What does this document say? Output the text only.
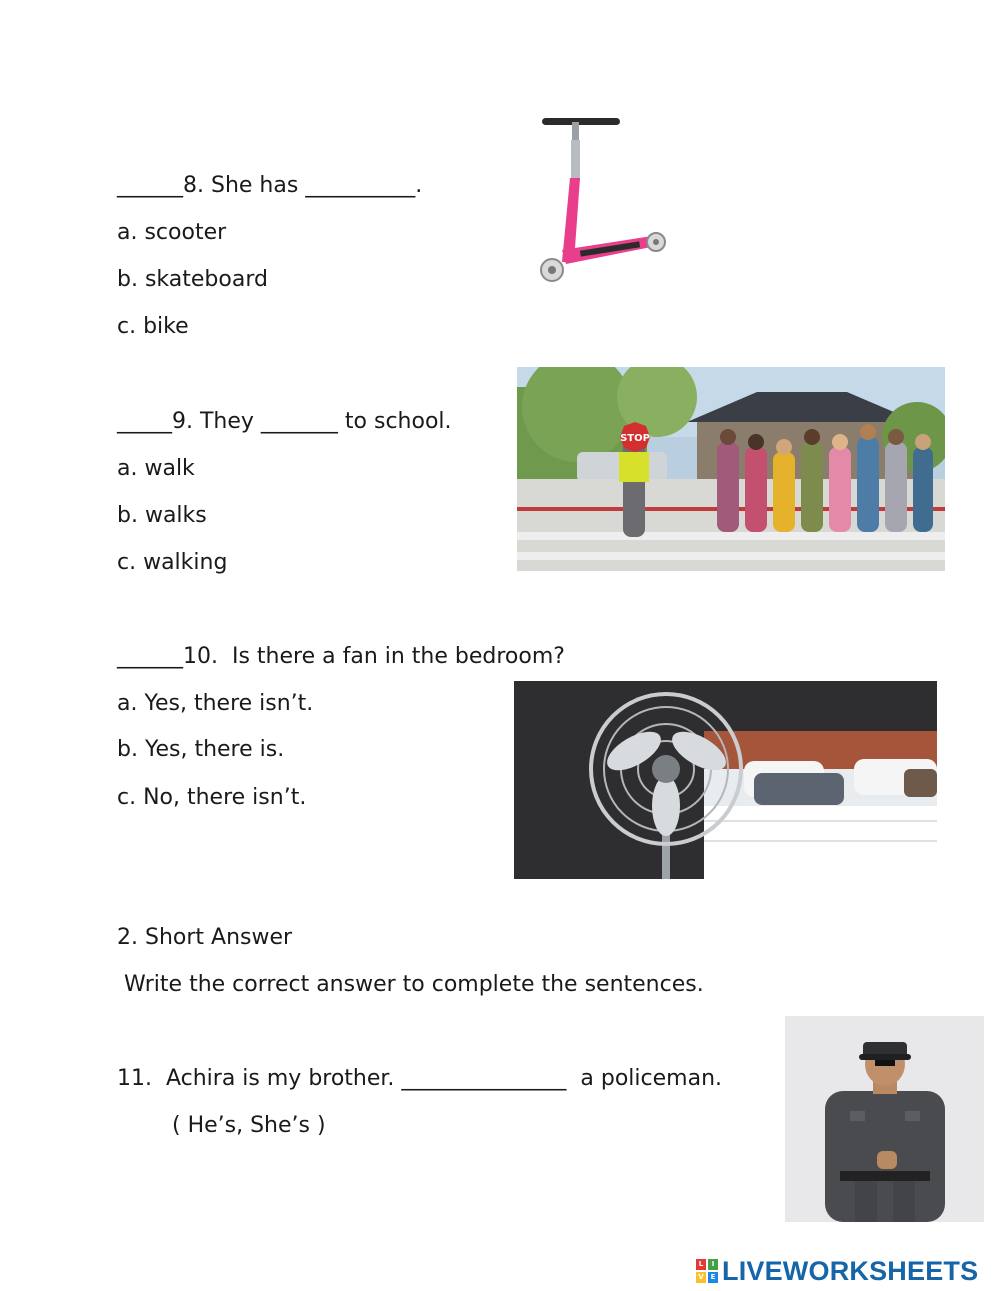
______8. She has __________.
a. scooter
b. skateboard
c. bike
_____9. They _______ to school.
a. walk
b. walks
c. walking
STOP
______10.  Is there a fan in the bedroom?
a. Yes, there isn’t.
b. Yes, there is.
c. No, there isn’t.
2. Short Answer
Write the correct answer to complete the sentences.
11.  Achira is my brother. _______________  a policeman.
( He’s, She’s )
L	I
V E LIVEWORKSHEETS
